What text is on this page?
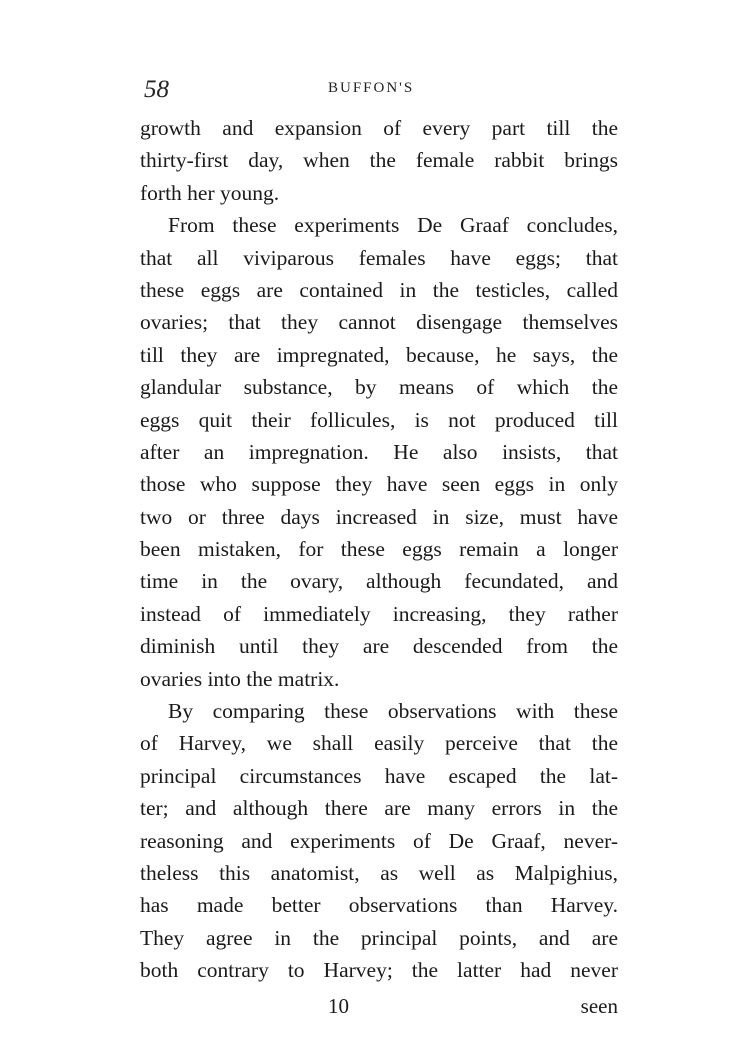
58	BUFFON'S
growth and expansion of every part till the
thirty-first day, when the female rabbit brings
forth her young.
From these experiments De Graaf concludes,
that all viviparous females have eggs; that
these eggs are contained in the testicles, called
ovaries; that they cannot disengage themselves
till they are impregnated, because, he says, the
glandular substance, by means of which the
eggs quit their follicules, is not produced till
after an impregnation. He also insists, that
those who suppose they have seen eggs in only
two or three days increased in size, must have
been mistaken, for these eggs remain a longer
time in the ovary, although fecundated, and
instead of immediately increasing, they rather
diminish until they are descended from the
ovaries into the matrix.
By comparing these observations with these
of Harvey, we shall easily perceive that the
principal circumstances have escaped the lat-
ter; and although there are many errors in the
reasoning and experiments of De Graaf, never-
theless this anatomist, as well as Malpighius,
has made better observations than Harvey.
They agree in the principal points, and are
both contrary to Harvey; the latter had never
10	seen
